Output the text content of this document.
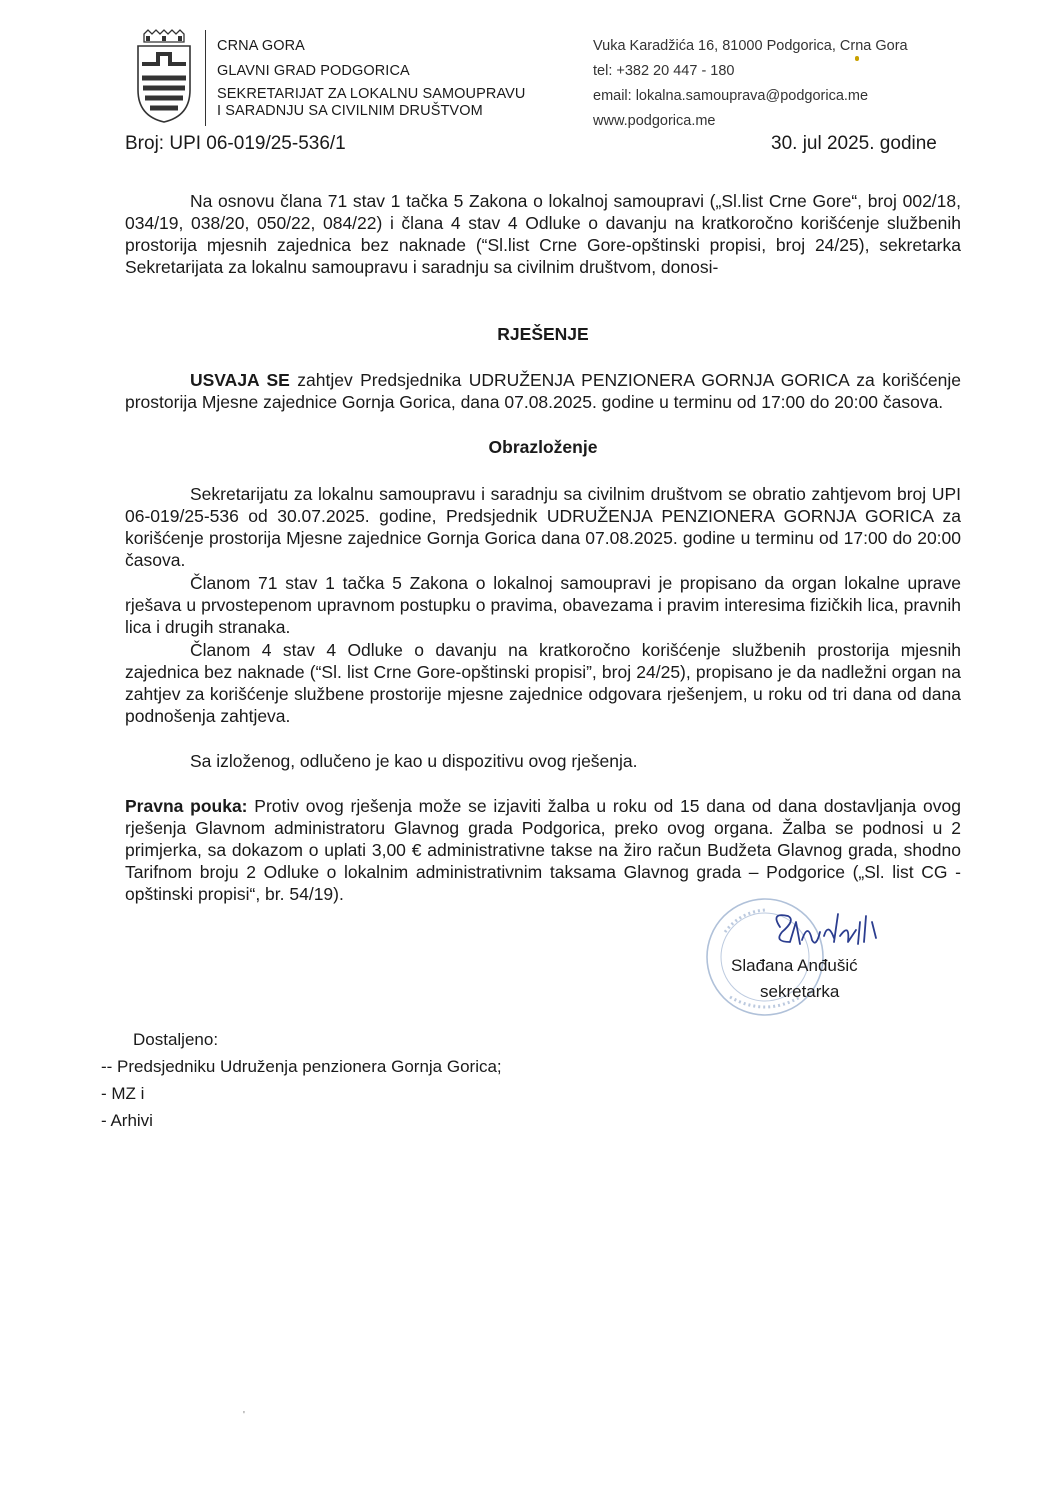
CRNA GORA
GLAVNI GRAD PODGORICA
SEKRETARIJAT ZA LOKALNU SAMOUPRAVU
I SARADNJU SA CIVILNIM DRUŠTVOM
Vuka Karadžića 16, 81000 Podgorica, Crna Gora
tel: +382 20 447 - 180
email: lokalna.samouprava@podgorica.me
www.podgorica.me
Broj: UPI 06-019/25-536/1	30. jul 2025. godine
Na osnovu člana 71 stav 1 tačka 5 Zakona o lokalnoj samoupravi („Sl.list Crne Gore“, broj 002/18, 034/19, 038/20, 050/22, 084/22) i člana 4 stav 4 Odluke o davanju na kratkoročno korišćenje službenih prostorija mjesnih zajednica bez naknade (“Sl.list Crne Gore-opštinski propisi, broj 24/25), sekretarka Sekretarijata za lokalnu samoupravu i saradnju sa civilnim društvom, donosi-
RJEŠENJE
USVAJA SE zahtjev Predsjednika UDRUŽENJA PENZIONERA GORNJA GORICA za korišćenje prostorija Mjesne zajednice Gornja Gorica, dana 07.08.2025. godine u terminu od 17:00 do 20:00 časova.
Obrazloženje
Sekretarijatu za lokalnu samoupravu i saradnju sa civilnim društvom se obratio zahtjevom broj UPI 06-019/25-536 od 30.07.2025. godine, Predsjednik UDRUŽENJA PENZIONERA GORNJA GORICA za korišćenje prostorija Mjesne zajednice Gornja Gorica dana 07.08.2025. godine u terminu od 17:00 do 20:00 časova.
Članom 71 stav 1 tačka 5 Zakona o lokalnoj samoupravi je propisano da organ lokalne uprave rješava u prvostepenom upravnom postupku o pravima, obavezama i pravim interesima fizičkih lica, pravnih lica i drugih stranaka.
Članom 4 stav 4 Odluke o davanju na kratkoročno korišćenje službenih prostorija mjesnih zajednica bez naknade (“Sl. list Crne Gore-opštinski propisi”, broj 24/25), propisano je da nadležni organ na zahtjev za korišćenje službene prostorije mjesne zajednice odgovara rješenjem, u roku od tri dana od dana podnošenja zahtjeva.
Sa izloženog, odlučeno je kao u dispozitivu ovog rješenja.
Pravna pouka: Protiv ovog rješenja može se izjaviti žalba u roku od 15 dana od dana dostavljanja ovog rješenja Glavnom administratoru Glavnog grada Podgorica, preko ovog organa. Žalba se podnosi u 2 primjerka, sa dokazom o uplati 3,00 € administrativne takse na žiro račun Budžeta Glavnog grada, shodno Tarifnom broju 2 Odluke o lokalnim administrativnim taksama Glavnog grada – Podgorice („Sl. list CG - opštinski propisi“, br. 54/19).
Slađana Anđušić
sekretarka
Dostaljeno:
-- Predsjedniku Udruženja penzionera Gornja Gorica;
- MZ i
- Arhivi
'
